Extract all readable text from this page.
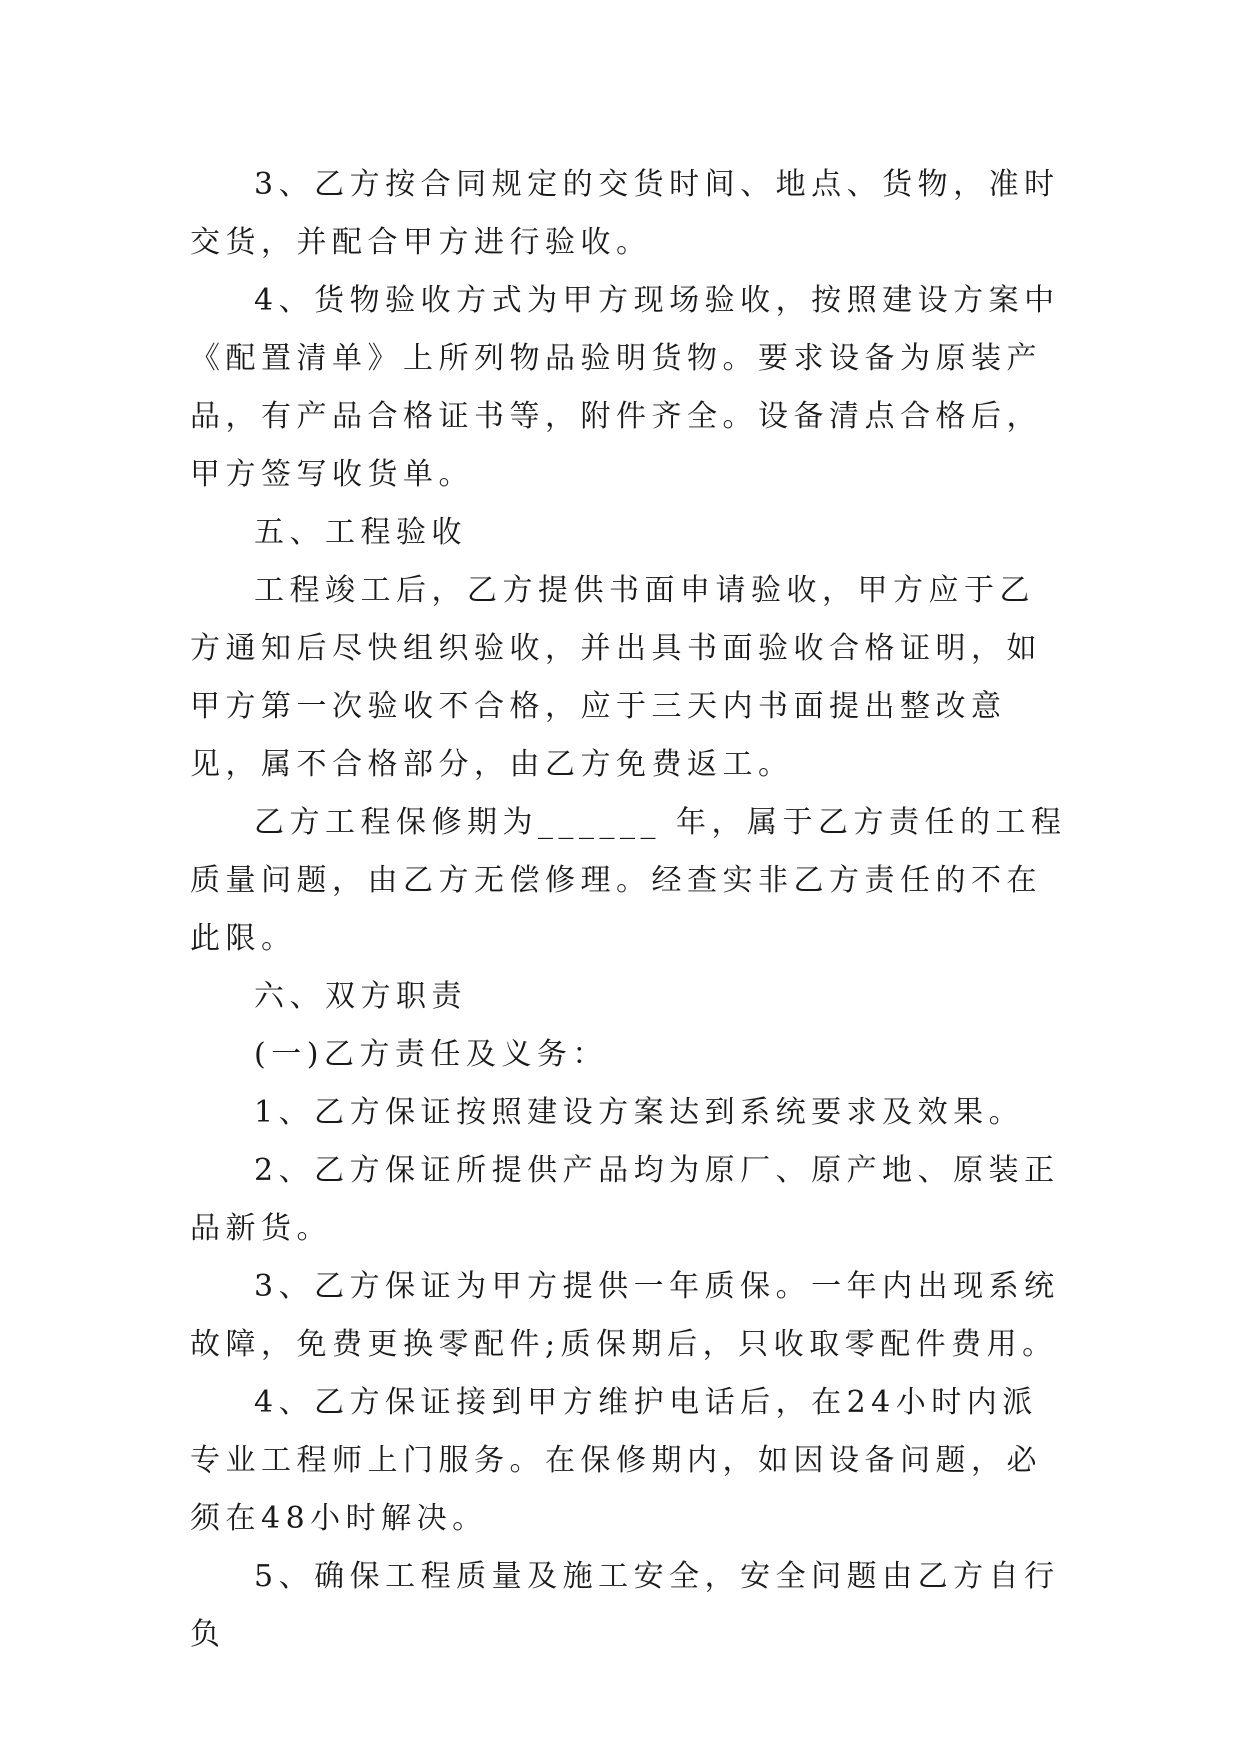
3、乙方按合同规定的交货时间、地点、货物，准时交货，并配合甲方进行验收。

4、货物验收方式为甲方现场验收，按照建设方案中《配置清单》上所列物品验明货物。要求设备为原装产品，有产品合格证书等，附件齐全。设备清点合格后，甲方签写收货单。

五、工程验收

工程竣工后，乙方提供书面申请验收，甲方应于乙方通知后尽快组织验收，并出具书面验收合格证明，如甲方第一次验收不合格，应于三天内书面提出整改意见，属不合格部分，由乙方免费返工。

乙方工程保修期为______ 年，属于乙方责任的工程质量问题，由乙方无偿修理。经查实非乙方责任的不在此限。

六、双方职责

(一)乙方责任及义务：

1、乙方保证按照建设方案达到系统要求及效果。

2、乙方保证所提供产品均为原厂、原产地、原装正品新货。

3、乙方保证为甲方提供一年质保。一年内出现系统故障，免费更换零配件;质保期后，只收取零配件费用。

4、乙方保证接到甲方维护电话后，在24小时内派专业工程师上门服务。在保修期内，如因设备问题，必须在48小时解决。

5、确保工程质量及施工安全，安全问题由乙方自行负
